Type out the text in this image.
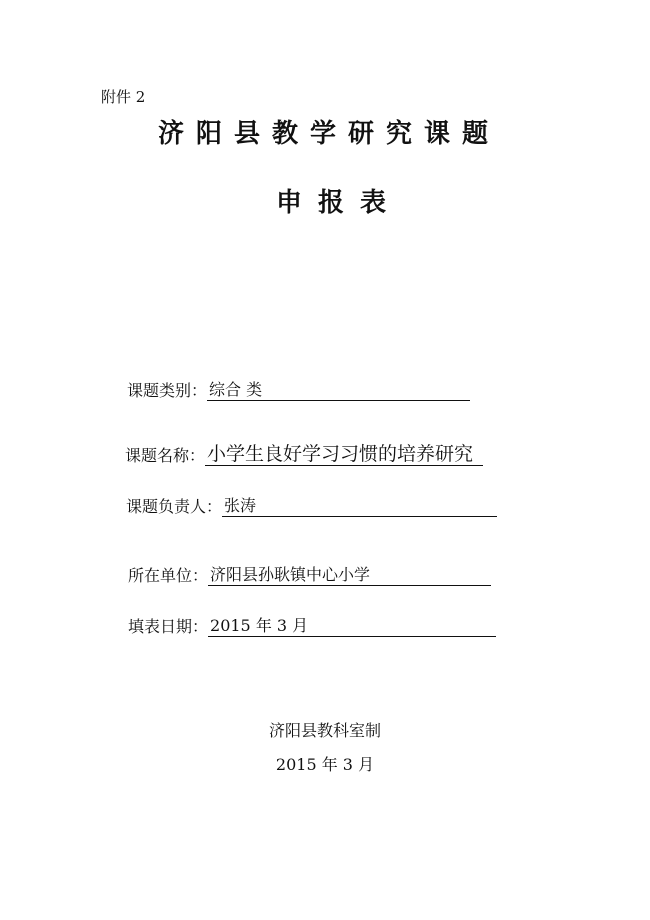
附件 2
济阳县教学研究课题
申报表
课题类别： 综合 类
课题名称： 小学生良好学习习惯的培养研究
课题负责人： 张涛
所在单位： 济阳县孙耿镇中心小学
填表日期： 2015 年 3 月
济阳县教科室制
2015 年 3 月
